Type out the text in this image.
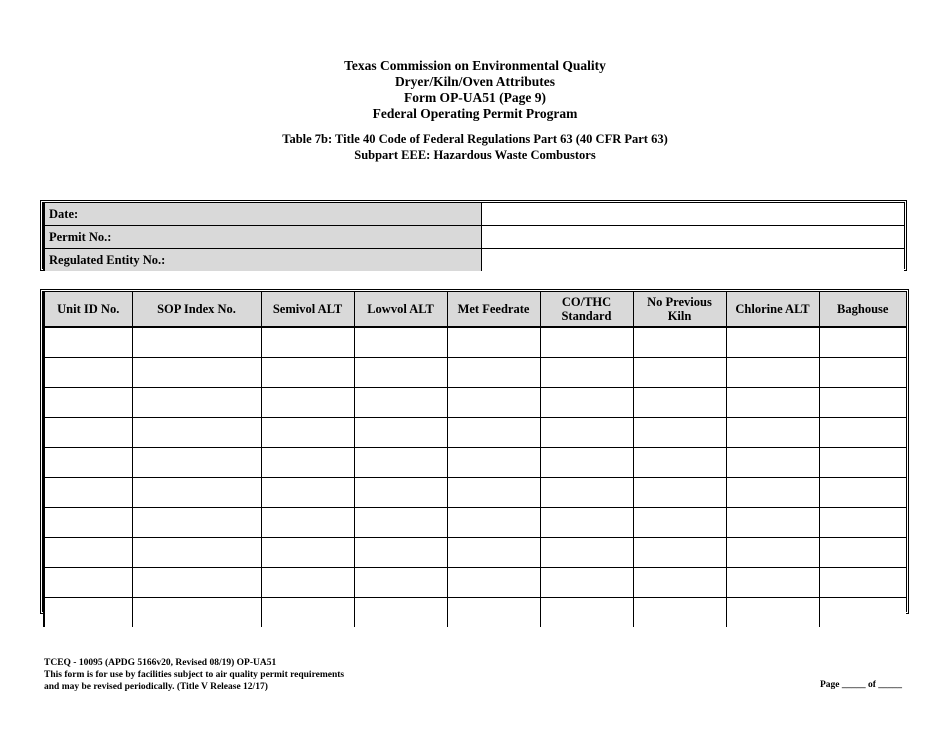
Texas Commission on Environmental Quality
Dryer/Kiln/Oven Attributes
Form OP-UA51 (Page 9)
Federal Operating Permit Program
Table 7b: Title 40 Code of Federal Regulations Part 63 (40 CFR Part 63)
Subpart EEE: Hazardous Waste Combustors
Date:	
Permit No.:	
Regulated Entity No.:	
Unit ID No.	SOP Index No.	Semivol ALT	Lowvol ALT	Met Feedrate	CO/THC Standard	No Previous Kiln	Chlorine ALT	Baghouse

TCEQ - 10095 (APDG 5166v20, Revised 08/19) OP-UA51
This form is for use by facilities subject to air quality permit requirements
and may be revised periodically. (Title V Release 12/17)	Page _____ of _____
